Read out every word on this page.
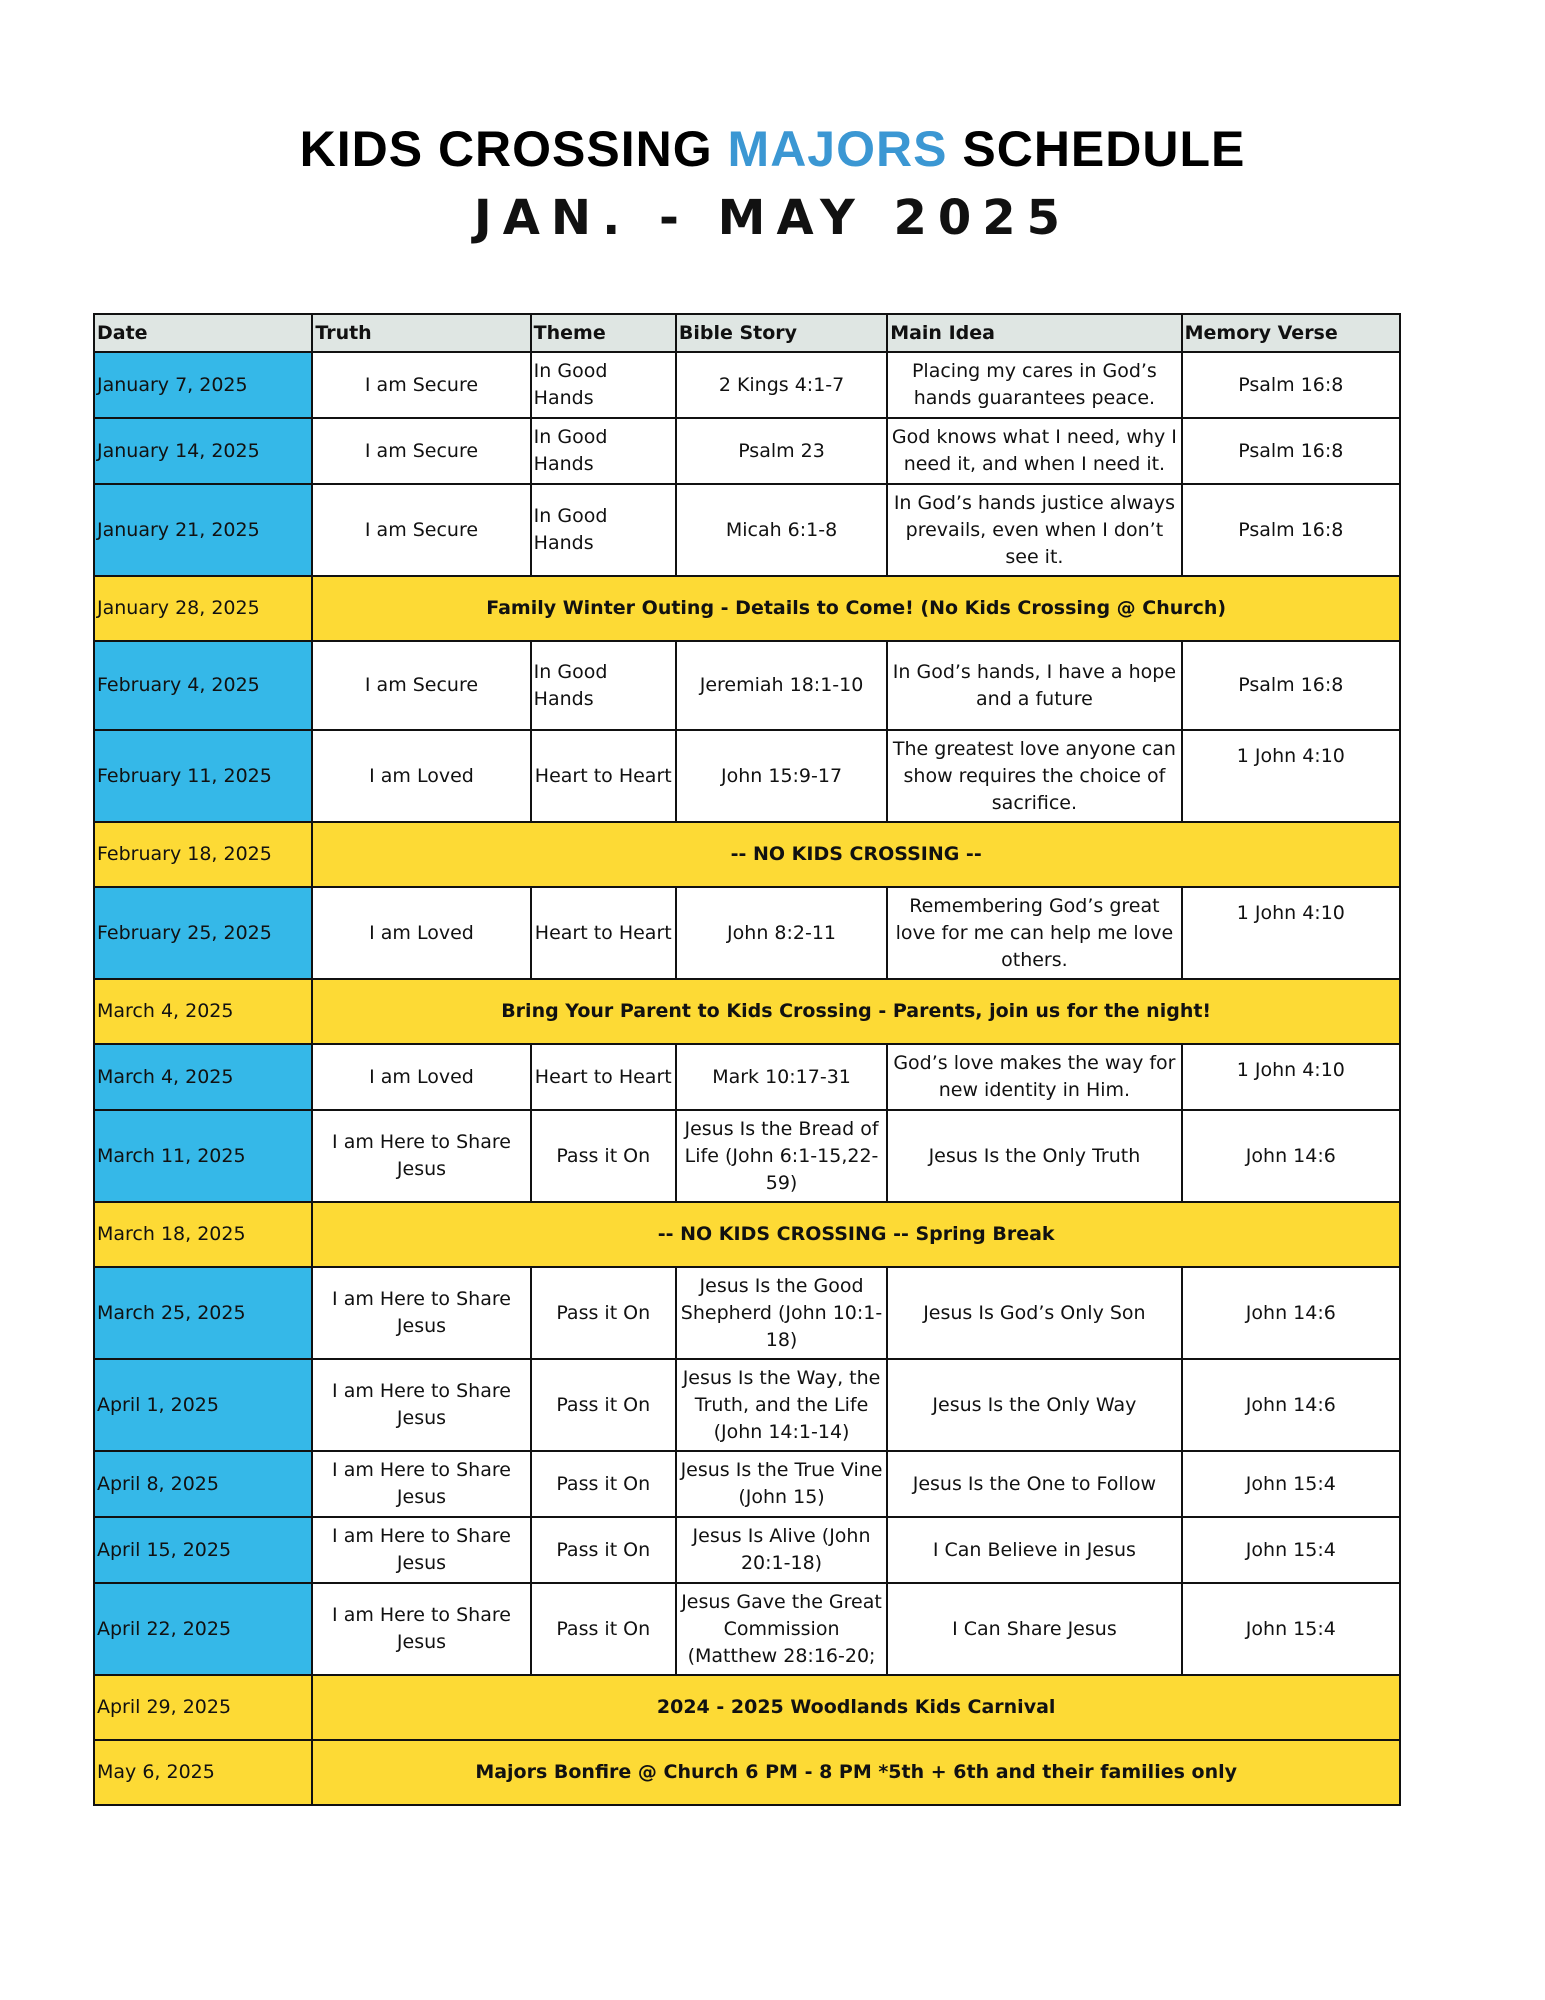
KIDS CROSSING MAJORS SCHEDULE
JAN. - MAY 2025
Date	Truth	Theme	Bible Story	Main Idea	Memory Verse
January 7, 2025	I am Secure	In Good Hands	2 Kings 4:1-7	Placing my cares in God’s hands guarantees peace.	Psalm 16:8
January 14, 2025	I am Secure	In Good Hands	Psalm 23	God knows what I need, why I need it, and when I need it.	Psalm 16:8
January 21, 2025	I am Secure	In Good Hands	Micah 6:1-8	In God’s hands justice always prevails, even when I don’t see it.	Psalm 16:8
January 28, 2025	Family Winter Outing - Details to Come! (No Kids Crossing @ Church)				
February 4, 2025	I am Secure	In Good Hands	Jeremiah 18:1-10	In God’s hands, I have a hope and a future	Psalm 16:8
February 11, 2025	I am Loved	Heart to Heart	John 15:9-17	The greatest love anyone can show requires the choice of sacrifice.	1 John 4:10
February 18, 2025	-- NO KIDS CROSSING --				
February 25, 2025	I am Loved	Heart to Heart	John 8:2-11	Remembering God’s great love for me can help me love others.	1 John 4:10
March 4, 2025	Bring Your Parent to Kids Crossing - Parents, join us for the night!				
March 4, 2025	I am Loved	Heart to Heart	Mark 10:17-31	God’s love makes the way for new identity in Him.	1 John 4:10
March 11, 2025	I am Here to Share Jesus	Pass it On	Jesus Is the Bread of Life (John 6:1-15,22-59)	Jesus Is the Only Truth	John 14:6
March 18, 2025	-- NO KIDS CROSSING -- Spring Break				
March 25, 2025	I am Here to Share Jesus	Pass it On	Jesus Is the Good Shepherd (John 10:1-18)	Jesus Is God’s Only Son	John 14:6
April 1, 2025	I am Here to Share Jesus	Pass it On	Jesus Is the Way, the Truth, and the Life (John 14:1-14)	Jesus Is the Only Way	John 14:6
April 8, 2025	I am Here to Share Jesus	Pass it On	Jesus Is the True Vine (John 15)	Jesus Is the One to Follow	John 15:4
April 15, 2025	I am Here to Share Jesus	Pass it On	Jesus Is Alive (John 20:1-18)	I Can Believe in Jesus	John 15:4
April 22, 2025	I am Here to Share Jesus	Pass it On	Jesus Gave the Great Commission (Matthew 28:16-20;	I Can Share Jesus	John 15:4
April 29, 2025	2024 - 2025 Woodlands Kids Carnival				
May 6, 2025	Majors Bonfire @ Church 6 PM - 8 PM *5th + 6th and their families only				
